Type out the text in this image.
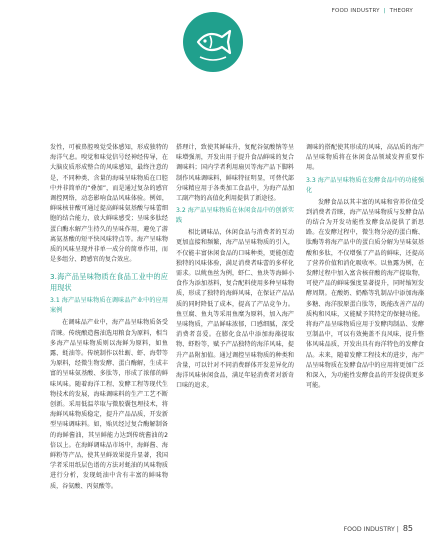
FOOD INDUSTRY | THEORY

发性，可被鼻腔嗅觉受体感知，形成独特的海洋气息。嗅觉和味觉信号经神经传导，在大脑皮质形成整合的风味感知，最终注意的是，不同种类、含量的海味呈味物质在口腔中并非简单的“叠加”，而是通过复杂的感官调控网络，动态影响食品风味体验。例如，鲜味核苷酸可通过提高鲜味氨基酸与味蕾细胞的结合能力，放大鲜味感受；呈味多肽经蛋白酶水解产生持久的呈味作用，避免了游离氨基酸的短平快风味特点等。海产呈味物质的风味呈现并非单一成分的简单作用，而是多组分、跨感官的复合效应。

3.海产品呈味物质在食品工业中的应用现状
3.1 海产品呈味物质在调味品产业中的应用案例

在调味品产业中，海产品呈味物质备受青睐。传统酿造酱油选用粮食为原料，相当多海产品呈味物质则以海鲜为原料，如鱼露、蚝油等。传统制作以牡蛎、虾、海带等为原料，经微生物发酵、蛋白酶解，生成丰富的呈味氨基酸、多肽等，形成了浓郁的鲜味风味。随着海洋工程、发酵工程等现代生物技术的发展，海味调味料的生产工艺不断创新。采用低温萃取与微胶囊包埋技术，将海鲜风味物质稳定，提升产品品质，开发新型呈味调味料。如，贻贝经过复合酶解制备的海鲜酱油，其呈鲜能力达到传统酱油的2倍以上。在海鲜调味品市场中，海鲜酱、海鲜粉等产品，使其呈鲜效果提升显著，我国学者采用纸层色谱的方法对蚝油的风味物质进行分析，发现蚝油中含有丰富的鲜味物质，谷氨酸、丙氨酸等。

搭理计，致使其鲜味升，复配谷氨酸钠等呈味增强剂，开发出用于提升食品鲜味的复合调味料；国内学者利用扇贝等海产品下脚料制作风味调味料，鲜味特征明显，可替代部分味精应用于各类加工食品中，为海产品加工副产物的高值化利用提供了新途径。

3.2 海产品呈味物质在休闲食品中的创新实践

相比调味品，休闲食品与消费者的互动更加直接和频繁，海产品呈味物质的引入，不仅能丰富休闲食品的口味种类，更能创造独特的风味体验，满足消费者味蕾的多样化需求。以鱿鱼丝为例，虾仁、鱼块等海鲜小食作为添加基料，复合配料使用多种呈味物质，形成了独特的海鲜风味，在保证产品品质的同时降低了成本，提高了产品竞争力。鱼豆腐、鱼丸等采用鱼糜为原料，加入海产呈味物质，产品鲜味浓郁，口感细腻，深受消费者喜爱。在膨化食品中添加海藻提取物、虾粉等，赋予产品独特的海洋风味，提升产品附加值。通过调控呈味物质的种类和含量，可以针对不同消费群体开发差异化的海洋风味休闲食品，满足年轻消费者对新奇口味的追求。

调味的搭配使其形成的风味，高品质的海产品呈味物质将在休闲食品领域发挥重要作用。

3.3 海产品呈味物质在发酵食品中的功能强化

发酵食品以其丰富的风味和营养价值受到消费者青睐，海产品呈味物质与发酵食品的结合为开发功能性发酵食品提供了新思路。在发酵过程中，微生物分泌的蛋白酶、肽酶等将海产品中的蛋白质分解为呈味氨基酸和多肽，不仅增强了产品的鲜味，还提高了营养价值和消化吸收率。以鱼露为例，在发酵过程中加入富含核苷酸的海产提取物，可使产品的鲜味强度显著提升，同时缩短发酵周期。在酸奶、奶酪等乳制品中添加海藻多糖、海洋胶原蛋白肽等，既能改善产品的质构和风味，又能赋予其特定的保健功能。将海产品呈味物质应用于发酵肉制品、发酵豆制品中，可以有效掩盖不良风味，提升整体风味品质，开发出具有海洋特色的发酵食品。未来，随着发酵工程技术的进步，海产品呈味物质在发酵食品中的应用将更加广泛和深入，为功能性发酵食品的开发提供更多可能。

FOOD INDUSTRY | 85
